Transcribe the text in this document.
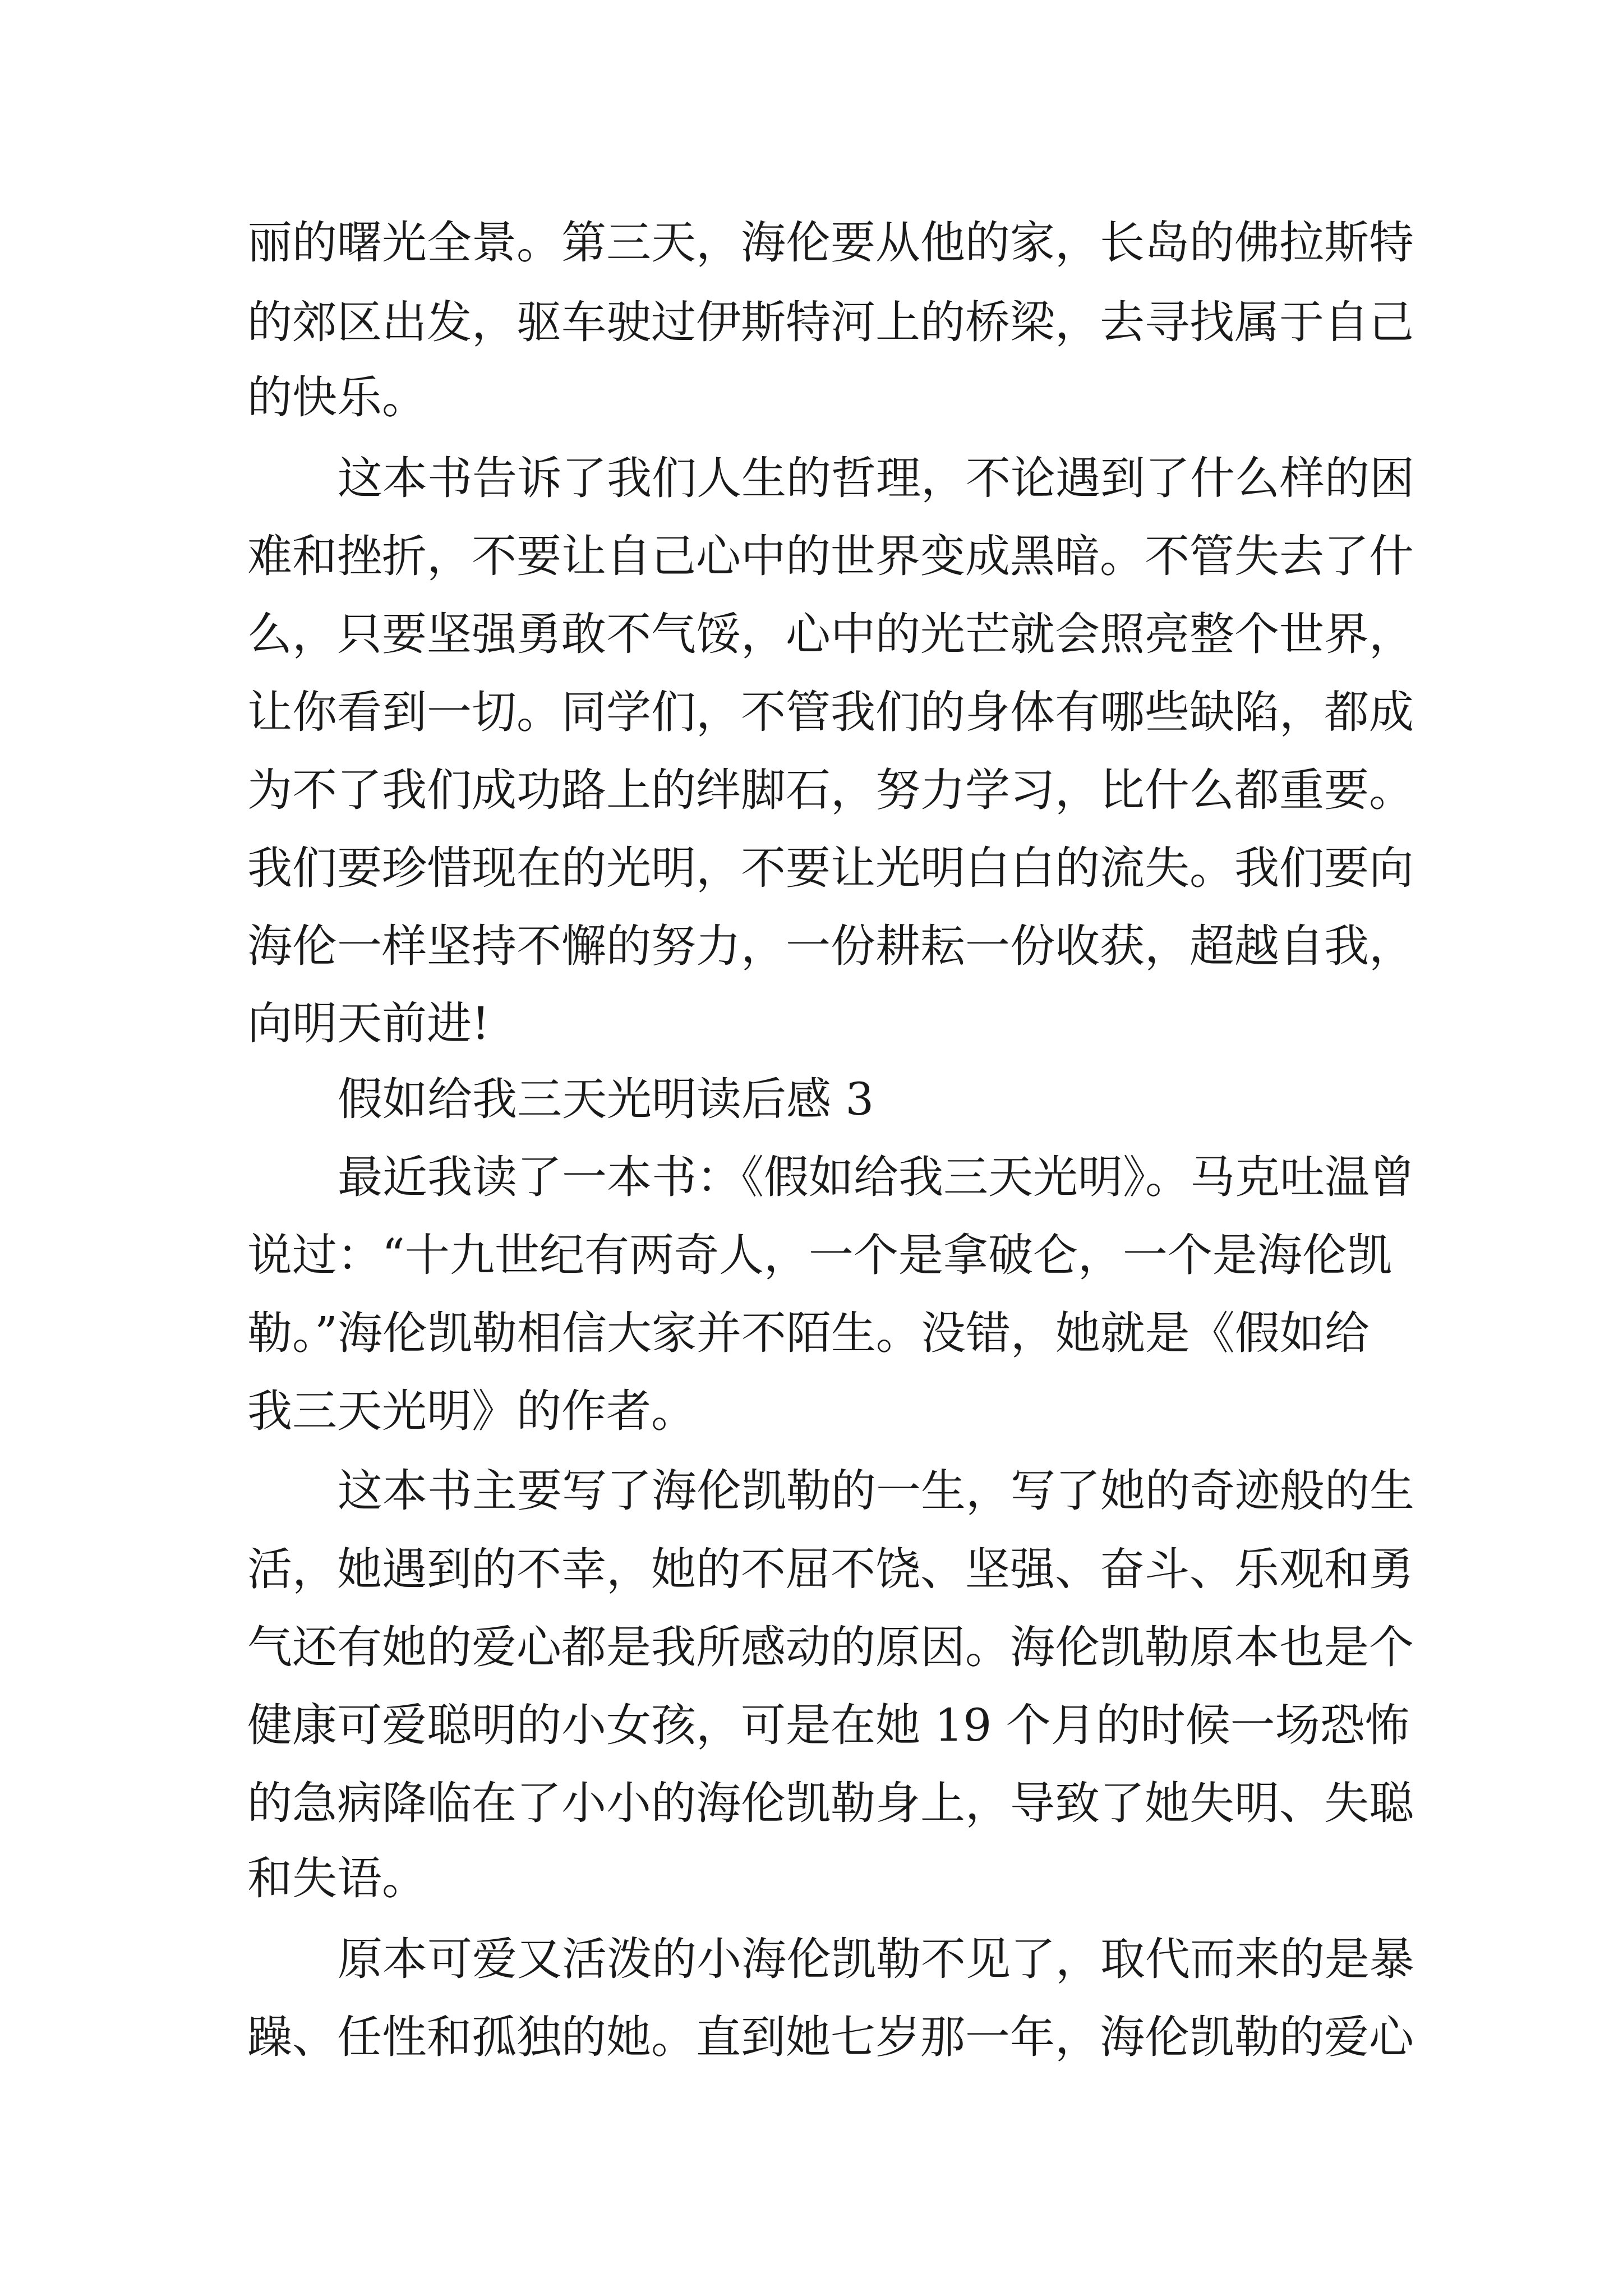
丽的曙光全景。第三天，海伦要从他的家，长岛的佛拉斯特

的郊区出发，驱车驶过伊斯特河上的桥梁，去寻找属于自己

的快乐。

这本书告诉了我们人生的哲理，不论遇到了什么样的困

难和挫折，不要让自己心中的世界变成黑暗。不管失去了什

么，只要坚强勇敢不气馁，心中的光芒就会照亮整个世界，

让你看到一切。同学们，不管我们的身体有哪些缺陷，都成

为不了我们成功路上的绊脚石，努力学习，比什么都重要。

我们要珍惜现在的光明，不要让光明白白的流失。我们要向

海伦一样坚持不懈的努力，一份耕耘一份收获，超越自我，

向明天前进!

假如给我三天光明读后感 3

最近我读了一本书：《假如给我三天光明》。马克吐温曾

说过：“十九世纪有两奇人，一个是拿破仑，一个是海伦凯

勒。”海伦凯勒相信大家并不陌生。没错，她就是《假如给

我三天光明》的作者。

这本书主要写了海伦凯勒的一生，写了她的奇迹般的生

活，她遇到的不幸，她的不屈不饶、坚强、奋斗、乐观和勇

气还有她的爱心都是我所感动的原因。海伦凯勒原本也是个

健康可爱聪明的小女孩，可是在她 19 个月的时候一场恐怖

的急病降临在了小小的海伦凯勒身上，导致了她失明、失聪

和失语。

原本可爱又活泼的小海伦凯勒不见了，取代而来的是暴

躁、任性和孤独的她。直到她七岁那一年，海伦凯勒的爱心
